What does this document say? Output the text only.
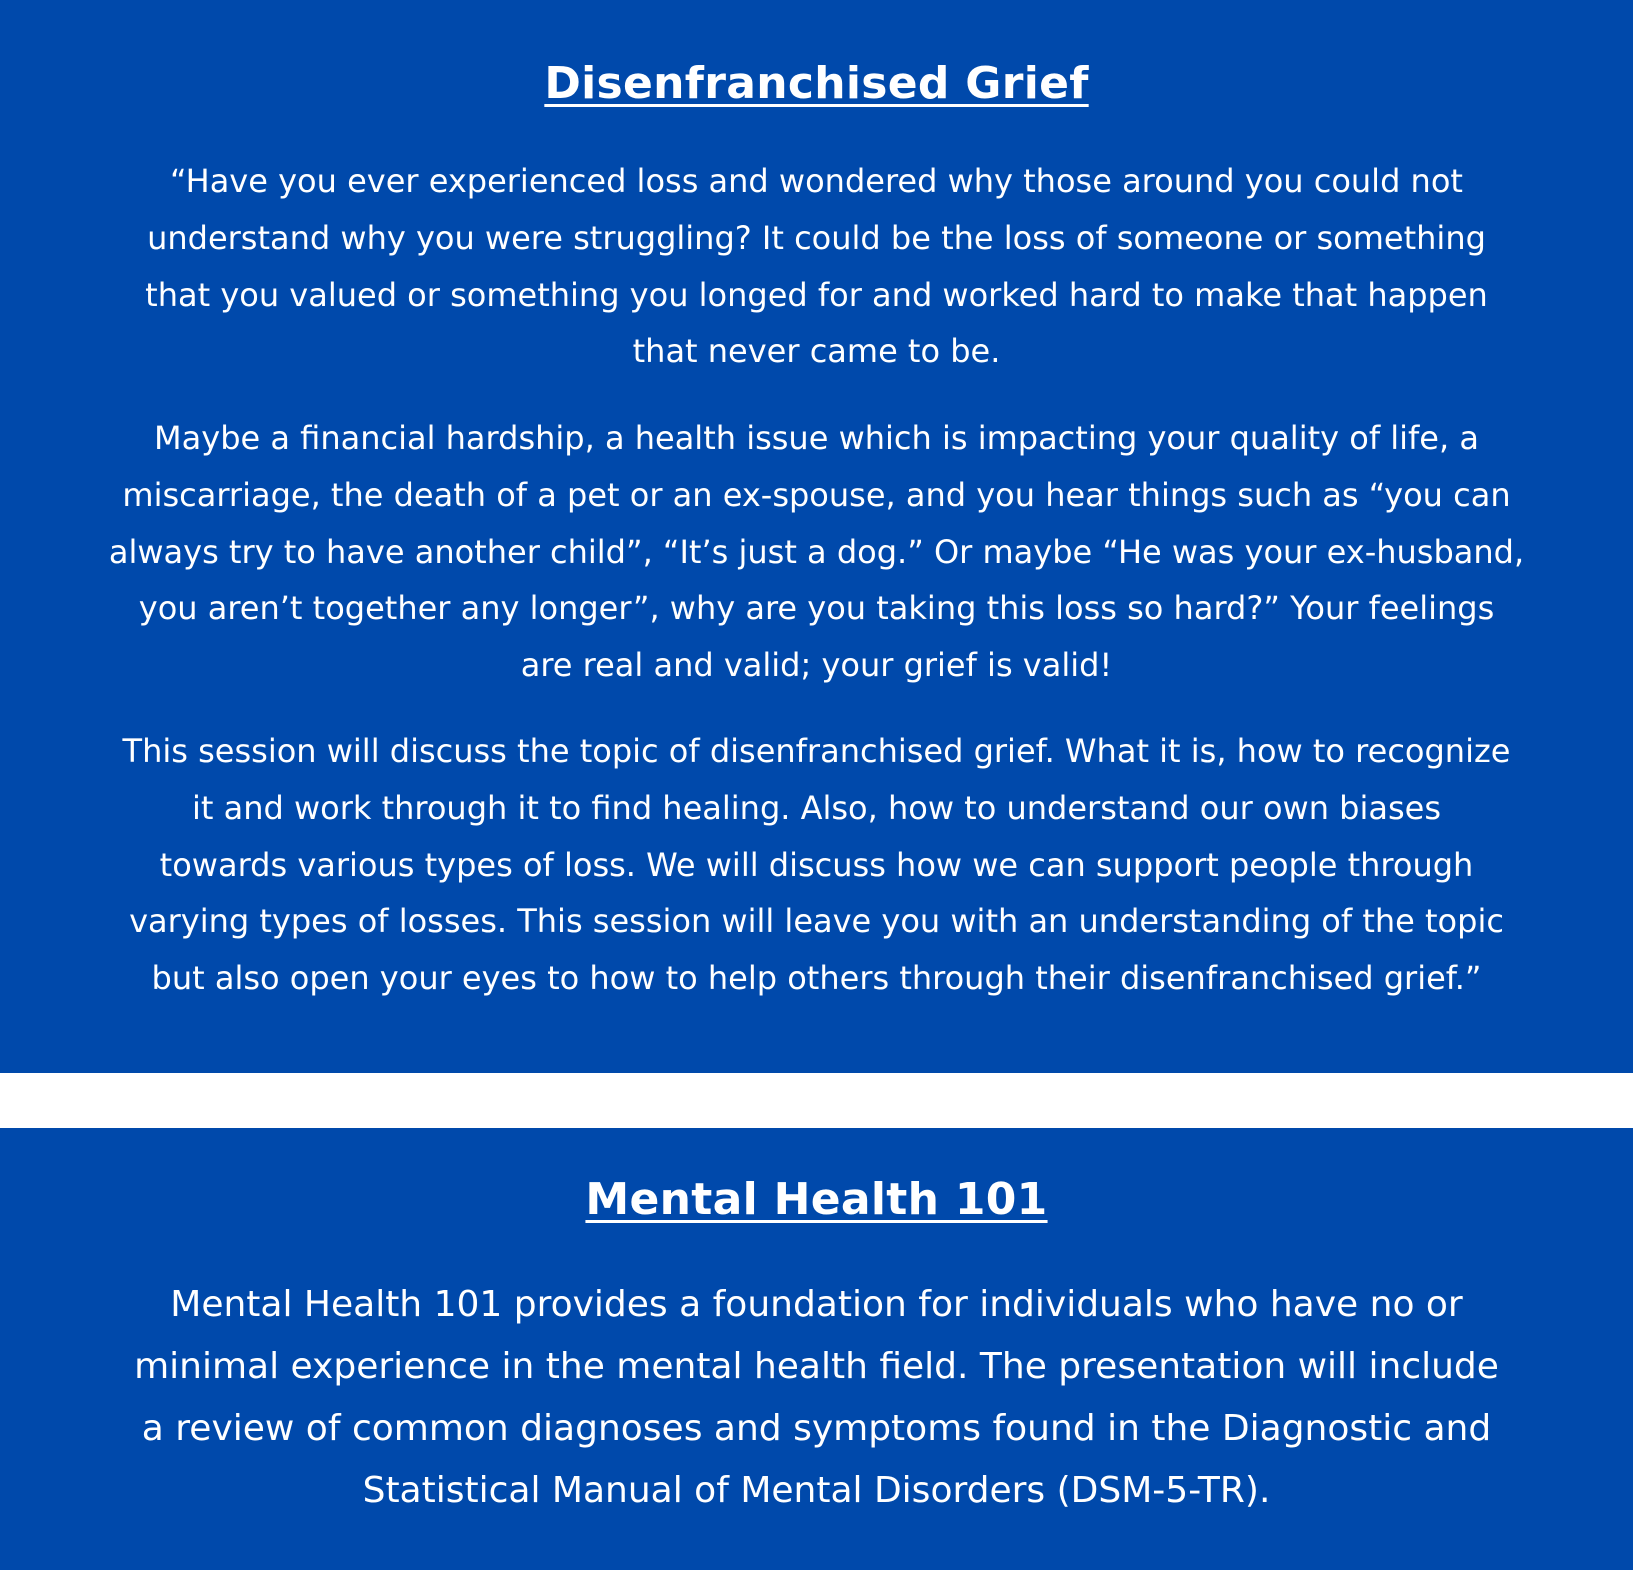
Disenfranchised Grief
“Have you ever experienced loss and wondered why those around you could not
understand why you were struggling? It could be the loss of someone or something
that you valued or something you longed for and worked hard to make that happen
that never came to be.
Maybe a financial hardship, a health issue which is impacting your quality of life, a
miscarriage, the death of a pet or an ex-spouse, and you hear things such as “you can
always try to have another child”, “It’s just a dog.” Or maybe “He was your ex-husband,
you aren’t together any longer”, why are you taking this loss so hard?” Your feelings
are real and valid; your grief is valid!
This session will discuss the topic of disenfranchised grief. What it is, how to recognize
it and work through it to find healing. Also, how to understand our own biases
towards various types of loss. We will discuss how we can support people through
varying types of losses. This session will leave you with an understanding of the topic
but also open your eyes to how to help others through their disenfranchised grief.”
Mental Health 101
Mental Health 101 provides a foundation for individuals who have no or
minimal experience in the mental health field. The presentation will include
a review of common diagnoses and symptoms found in the Diagnostic and
Statistical Manual of Mental Disorders (DSM-5-TR).
